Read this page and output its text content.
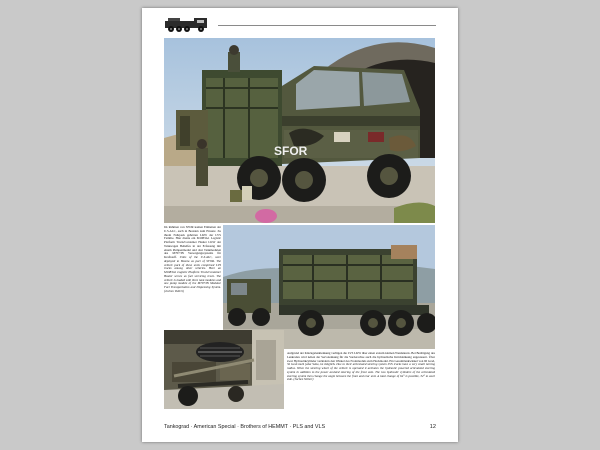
SFOR
Im Rahmen von SFOR kamen Einheiten der U.S.ALC, auch in Bosnien zum Einsatz. Zu ihrem Fuhrpark gehörten LKW der LVS Familie. Hier diente ein M1083A1 Logistic Platform Truck/Container Hauler LKW der Tankwagen Behelfes in der Erfassung mit einem Pumpenmodul und drei Tankmodulen des M707/IN Versorgungssystems für Kraftstoff. Units of the U.S.ALC, were deployed to Bosnia as part of SFOR. The vehicle park of these units comprised LVS trucks among other vehicles. Here an M1083A1 Logistic Platform Truck/Container Hauler serves as fuel servicing truck. The vehicle is loaded with three tank modules and one pump module of the M707/IN Modular Fuel Transportation and Dispensing System. (Jochen Vollert)
Aufgrund der Knickgelenklenkung verfügen die LVS LKW über einen extrem kleinen Wendekreis. Bei Betätigung des Lenkrades wird neben der Servolenkung für die Vorderachse auch die hydraulische Knicklenkung angesteuert. Über zwei Hydraulikzylinder verändern den Winkel des Frontmoduls zum Heckmodul. Ein Gesamtlenkwinkel von 60 Grad, 32 Grad nach jeder Seite, ist möglich. Due to their articulated steering system LVS trucks have a very small turning radius. When the steering wheel of the vehicle is operated it activates the hydraulic powered articulated steering system in addition to the power assisted steering of the front axle. The two hydraulic cylinders of the articulated steering system then change the angle between the front and rear unit. A total change of 64° is possible, 32° to each side. (Jochen Vollert)
Tankograd · American Special · Brothers of HEMMT · PLS and VLS	12
